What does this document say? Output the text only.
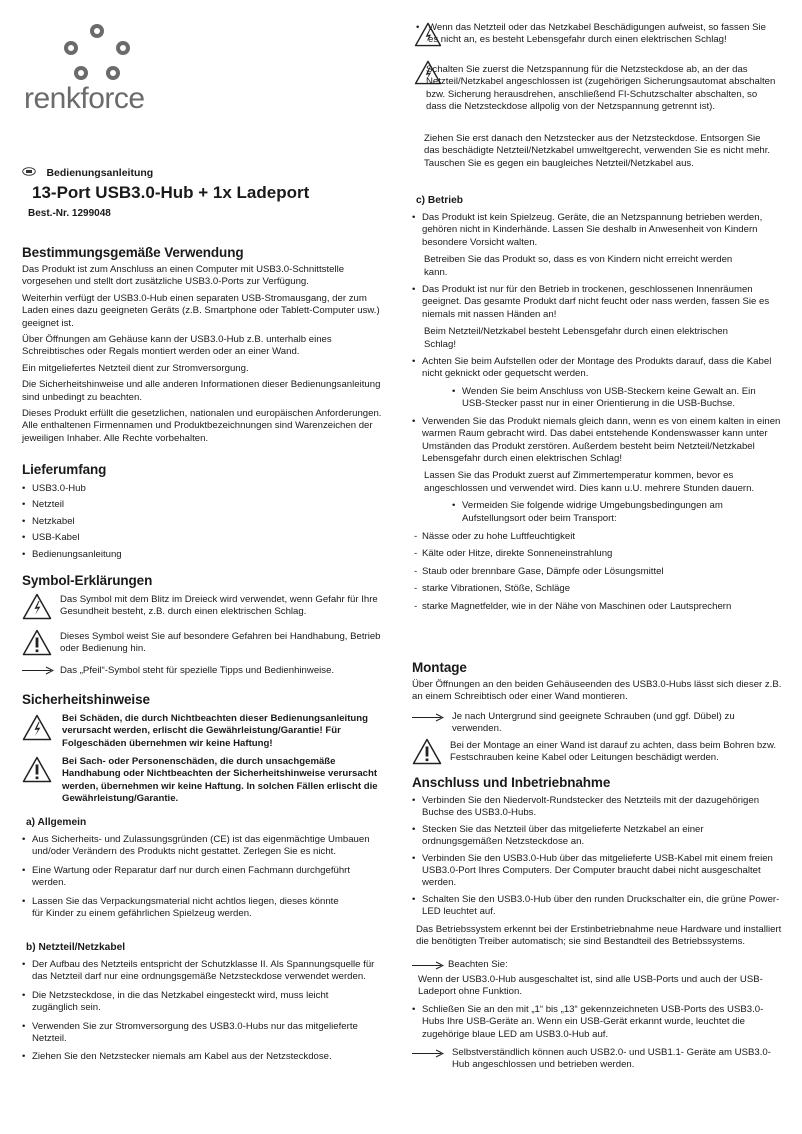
renkforce
Bedienungsanleitung
13-Port USB3.0-Hub + 1x Ladeport
Best.-Nr. 1299048

Bestimmungsgemäße Verwendung

Das Produkt ist zum Anschluss an einen Computer mit USB3.0-Schnittstelle vorgesehen und stellt dort zusätzliche USB3.0-Ports zur Verfügung.

Weiterhin verfügt der USB3.0-Hub einen separaten USB-Stromausgang, der zum Laden eines dazu geeigneten Geräts (z.B. Smartphone oder Tablett-Computer usw.) geeignet ist.

Über Öffnungen am Gehäuse kann der USB3.0-Hub z.B. unterhalb eines Schreibtisches oder Regals montiert werden oder an einer Wand.

Ein mitgeliefertes Netzteil dient zur Stromversorgung.

Die Sicherheitshinweise und alle anderen Informationen dieser Bedienungsanleitung sind unbedingt zu beachten.

Dieses Produkt erfüllt die gesetzlichen, nationalen und europäischen Anforderungen. Alle enthaltenen Firmennamen und Produktbezeichnungen sind Warenzeichen der jeweiligen Inhaber. Alle Rechte vorbehalten.

Lieferumfang

• USB3.0-Hub

• Netzteil

• Netzkabel

• USB-Kabel

• Bedienungsanleitung

Symbol-Erklärungen

Das Symbol mit dem Blitz im Dreieck wird verwendet, wenn Gefahr für Ihre Gesundheit besteht, z.B. durch einen elektrischen Schlag.

Dieses Symbol weist Sie auf besondere Gefahren bei Handhabung, Betrieb oder Bedienung hin.

Das „Pfeil“-Symbol steht für spezielle Tipps und Bedienhinweise.

Sicherheitshinweise

Bei Schäden, die durch Nichtbeachten dieser Bedienungsanleitung verursacht werden, erlischt die Gewährleistung/Garantie! Für Folgeschäden übernehmen wir keine Haftung!

Bei Sach- oder Personenschäden, die durch unsachgemäße Handhabung oder Nichtbeachten der Sicherheitshinweise verursacht werden, übernehmen wir keine Haftung. In solchen Fällen erlischt die Gewährleistung/Garantie.

a) Allgemein

• Aus Sicherheits- und Zulassungsgründen (CE) ist das eigenmächtige Umbauen und/oder Verändern des Produkts nicht gestattet. Zerlegen Sie es nicht.

• Eine Wartung oder Reparatur darf nur durch einen Fachmann durchgeführt werden.

• Lassen Sie das Verpackungsmaterial nicht achtlos liegen, dieses könnte für Kinder zu einem gefährlichen Spielzeug werden.

b) Netzteil/Netzkabel

• Der Aufbau des Netzteils entspricht der Schutzklasse II. Als Spannungsquelle für das Netzteil darf nur eine ordnungsgemäße Netzsteckdose verwendet werden.

• Die Netzsteckdose, in die das Netzkabel eingesteckt wird, muss leicht zugänglich sein.

• Verwenden Sie zur Stromversorgung des USB3.0-Hubs nur das mitgelieferte Netzteil.

• Ziehen Sie den Netzstecker niemals am Kabel aus der Netzsteckdose.

• Wenn das Netzteil oder das Netzkabel Beschädigungen aufweist, so fassen Sie es nicht an, es besteht Lebensgefahr durch einen elektrischen Schlag!

Schalten Sie zuerst die Netzspannung für die Netzsteckdose ab, an der das Netzteil/Netzkabel angeschlossen ist (zugehörigen Sicherungsautomat abschalten bzw. Sicherung herausdrehen, anschließend FI-Schutzschalter abschalten, so dass die Netzsteckdose allpolig von der Netzspannung getrennt ist).

Ziehen Sie erst danach den Netzstecker aus der Netzsteckdose. Entsorgen Sie das beschädigte Netzteil/Netzkabel umweltgerecht, verwenden Sie es nicht mehr. Tauschen Sie es gegen ein baugleiches Netzteil/Netzkabel aus.

c) Betrieb

• Das Produkt ist kein Spielzeug. Geräte, die an Netzspannung betrieben werden, gehören nicht in Kinderhände. Lassen Sie deshalb in Anwesenheit von Kindern besondere Vorsicht walten.

Betreiben Sie das Produkt so, dass es von Kindern nicht erreicht werden kann.

• Das Produkt ist nur für den Betrieb in trockenen, geschlossenen Innenräumen geeignet. Das gesamte Produkt darf nicht feucht oder nass werden, fassen Sie es niemals mit nassen Händen an!

Beim Netzteil/Netzkabel besteht Lebensgefahr durch einen elektrischen Schlag!

• Achten Sie beim Aufstellen oder der Montage des Produkts darauf, dass die Kabel nicht geknickt oder gequetscht werden.

• Wenden Sie beim Anschluss von USB-Steckern keine Gewalt an. Ein USB-Stecker passt nur in einer Orientierung in die USB-Buchse.

• Verwenden Sie das Produkt niemals gleich dann, wenn es von einem kalten in einen warmen Raum gebracht wird. Das dabei entstehende Kondenswasser kann unter Umständen das Produkt zerstören. Außerdem besteht beim Netzteil/Netzkabel Lebensgefahr durch einen elektrischen Schlag!

Lassen Sie das Produkt zuerst auf Zimmertemperatur kommen, bevor es angeschlossen und verwendet wird. Dies kann u.U. mehrere Stunden dauern.

• Vermeiden Sie folgende widrige Umgebungsbedingungen am Aufstellungsort oder beim Transport:

- Nässe oder zu hohe Luftfeuchtigkeit

- Kälte oder Hitze, direkte Sonneneinstrahlung

- Staub oder brennbare Gase, Dämpfe oder Lösungsmittel

- starke Vibrationen, Stöße, Schläge

- starke Magnetfelder, wie in der Nähe von Maschinen oder Lautsprechern

Montage

Über Öffnungen an den beiden Gehäuseenden des USB3.0-Hubs lässt sich dieser z.B. an einem Schreibtisch oder einer Wand montieren.

Je nach Untergrund sind geeignete Schrauben (und ggf. Dübel) zu verwenden.

Bei der Montage an einer Wand ist darauf zu achten, dass beim Bohren bzw. Festschrauben keine Kabel oder Leitungen beschädigt werden.

Anschluss und Inbetriebnahme

• Verbinden Sie den Niedervolt-Rundstecker des Netzteils mit der dazugehörigen Buchse des USB3.0-Hubs.

• Stecken Sie das Netzteil über das mitgelieferte Netzkabel an einer ordnungsgemäßen Netzsteckdose an.

• Verbinden Sie den USB3.0-Hub über das mitgelieferte USB-Kabel mit einem freien USB3.0-Port Ihres Computers. Der Computer braucht dabei nicht ausgeschaltet werden.

• Schalten Sie den USB3.0-Hub über den runden Druckschalter ein, die grüne Power-LED leuchtet auf.

Das Betriebssystem erkennt bei der Erstinbetriebnahme neue Hardware und installiert die benötigten Treiber automatisch; sie sind Bestandteil des Betriebssystems.

Beachten Sie:

Wenn der USB3.0-Hub ausgeschaltet ist, sind alle USB-Ports und auch der USB-Ladeport ohne Funktion.

• Schließen Sie an den mit „1“ bis „13“ gekennzeichneten USB-Ports des USB3.0-Hubs Ihre USB-Geräte an. Wenn ein USB-Gerät erkannt wurde, leuchtet die zugehörige blaue LED am USB3.0-Hub auf.

Selbstverständlich können auch USB2.0- und USB1.1- Geräte am USB3.0-Hub angeschlossen und betrieben werden.
